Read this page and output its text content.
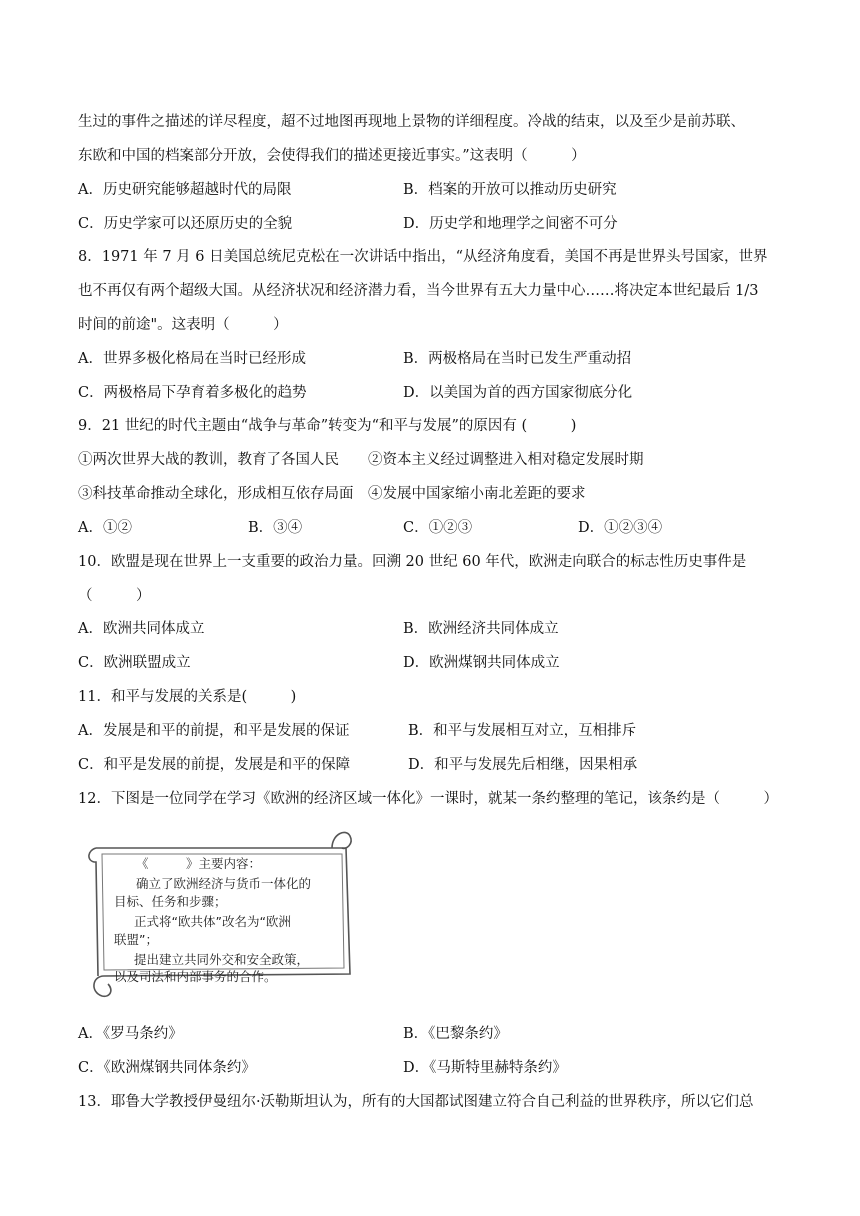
生过的事件之描述的详尽程度，超不过地图再现地上景物的详细程度。冷战的结束，以及至少是前苏联、
东欧和中国的档案部分开放，会使得我们的描述更接近事实。”这表明（　　　）
A．历史研究能够超越时代的局限	B．档案的开放可以推动历史研究
C．历史学家可以还原历史的全貌	D．历史学和地理学之间密不可分
8．1971 年 7 月 6 日美国总统尼克松在一次讲话中指出，“从经济角度看，美国不再是世界头号国家，世界
也不再仅有两个超级大国。从经济状况和经济潜力看，当今世界有五大力量中心……将决定本世纪最后 1/3
时间的前途"。这表明（　　　）
A．世界多极化格局在当时已经形成	B．两极格局在当时已发生严重动招
C．两极格局下孕育着多极化的趋势	D．以美国为首的西方国家彻底分化
9．21 世纪的时代主题由“战争与革命”转变为“和平与发展”的原因有 (　　　)
①两次世界大战的教训，教育了各国人民　　②资本主义经过调整进入相对稳定发展时期
③科技革命推动全球化，形成相互依存局面　④发展中国家缩小南北差距的要求
A．①②	B．③④	C．①②③	D．①②③④
10．欧盟是现在世界上一支重要的政治力量。回溯 20 世纪 60 年代，欧洲走向联合的标志性历史事件是
（　　　）
A．欧洲共同体成立	B．欧洲经济共同体成立
C．欧洲联盟成立	D．欧洲煤钢共同体成立
11．和平与发展的关系是(　　　)
A．发展是和平的前提，和平是发展的保证	B．和平与发展相互对立，互相排斥
C．和平是发展的前提，发展是和平的保障	D．和平与发展先后相继，因果相承
12．下图是一位同学在学习《欧洲的经济区域一体化》一课时，就某一条约整理的笔记，该条约是（　　　）
《　　　》主要内容：
确立了欧洲经济与货币一体化的
目标、任务和步骤；
正式将“欧共体”改名为“欧洲
联盟”；
提出建立共同外交和安全政策，
以及司法和内部事务的合作。
A．《罗马条约》	B．《巴黎条约》
C．《欧洲煤钢共同体条约》	D．《马斯特里赫特条约》
13．耶鲁大学教授伊曼纽尔·沃勒斯坦认为，所有的大国都试图建立符合自己利益的世界秩序，所以它们总
